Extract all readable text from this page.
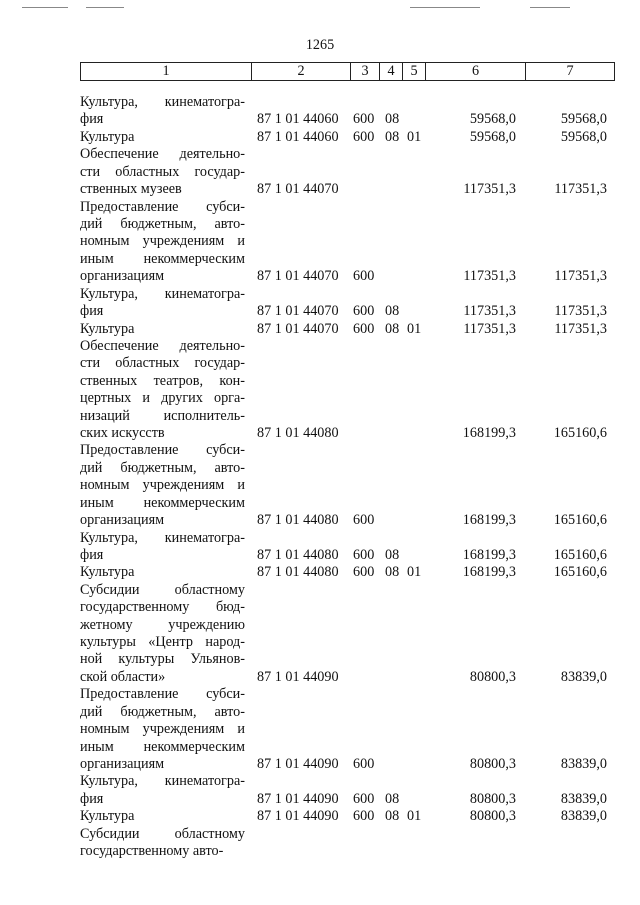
1265
1	2	3	4	5	6	7
Культура, кинематогра-
фия	87 1 01 44060 600 08	59568,0	59568,0
Культура	87 1 01 44060 600 08 01	59568,0	59568,0
Обеспечение деятельно-
сти областных государ-
ственных музеев	87 1 01 44070	117351,3	117351,3
Предоставление субси-
дий бюджетным, авто-
номным учреждениям и
иным некоммерческим
организациям	87 1 01 44070 600	117351,3	117351,3
Культура, кинематогра-
фия	87 1 01 44070 600 08	117351,3	117351,3
Культура	87 1 01 44070 600 08 01	117351,3	117351,3
Обеспечение деятельно-
сти областных государ-
ственных театров, кон-
цертных и других орга-
низаций исполнитель-
ских искусств	87 1 01 44080	168199,3	165160,6
Предоставление субси-
дий бюджетным, авто-
номным учреждениям и
иным некоммерческим
организациям	87 1 01 44080 600	168199,3	165160,6
Культура, кинематогра-
фия	87 1 01 44080 600 08	168199,3	165160,6
Культура	87 1 01 44080 600 08 01	168199,3	165160,6
Субсидии областному
государственному бюд-
жетному учреждению
культуры «Центр народ-
ной культуры Ульянов-
ской области»	87 1 01 44090	80800,3	83839,0
Предоставление субси-
дий бюджетным, авто-
номным учреждениям и
иным некоммерческим
организациям	87 1 01 44090 600	80800,3	83839,0
Культура, кинематогра-
фия	87 1 01 44090 600 08	80800,3	83839,0
Культура	87 1 01 44090 600 08 01	80800,3	83839,0
Субсидии областному
государственному авто-
